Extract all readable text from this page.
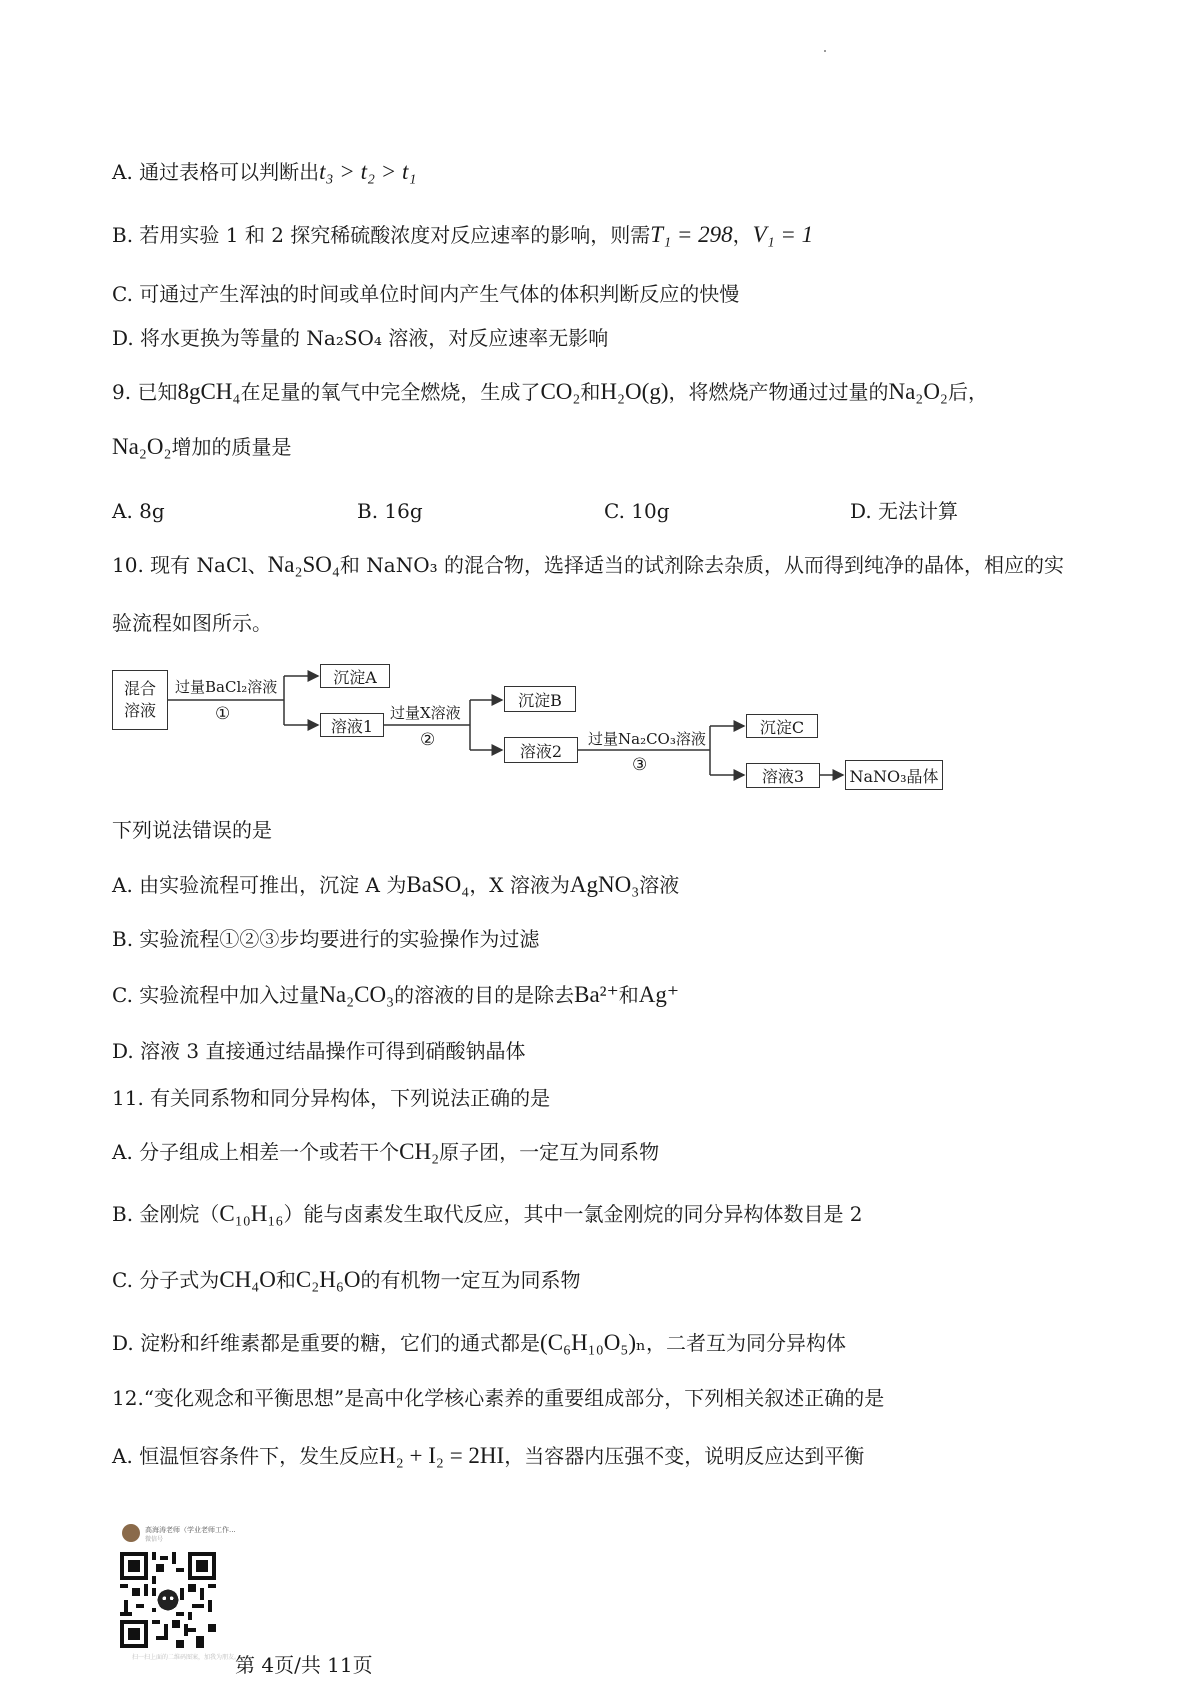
A. 通过表格可以判断出t₃ > t₂ > t₁
B. 若用实验 1 和 2 探究稀硫酸浓度对反应速率的影响，则需T₁ = 298，V₁ = 1
C. 可通过产生浑浊的时间或单位时间内产生气体的体积判断反应的快慢
D. 将水更换为等量的 Na₂SO₄ 溶液，对反应速率无影响
9. 已知8gCH₄在足量的氧气中完全燃烧，生成了CO₂和H₂O(g)，将燃烧产物通过过量的Na₂O₂后，
Na₂O₂增加的质量是
A. 8g	B. 16g	C. 10g	D. 无法计算
10. 现有 NaCl、Na₂SO₄和 NaNO₃ 的混合物，选择适当的试剂除去杂质，从而得到纯净的晶体，相应的实
验流程如图所示。
混合溶液
过量BaCl₂溶液
①
沉淀A
溶液1
过量X溶液
②
沉淀B
溶液2
过量Na₂CO₃溶液
③
沉淀C
溶液3	NaNO₃晶体
下列说法错误的是
A. 由实验流程可推出，沉淀 A 为BaSO₄，X 溶液为AgNO₃溶液
B. 实验流程①②③步均要进行的实验操作为过滤
C. 实验流程中加入过量Na₂CO₃的溶液的目的是除去Ba²⁺和Ag⁺
D. 溶液 3 直接通过结晶操作可得到硝酸钠晶体
11. 有关同系物和同分异构体，下列说法正确的是
A. 分子组成上相差一个或若干个CH₂原子团，一定互为同系物
B. 金刚烷（C₁₀H₁₆）能与卤素发生取代反应，其中一氯金刚烷的同分异构体数目是 2
C. 分子式为CH₄O和C₂H₆O的有机物一定互为同系物
D. 淀粉和纤维素都是重要的糖，它们的通式都是(C₆H₁₀O₅)ₙ，二者互为同分异构体
12.“变化观念和平衡思想”是高中化学核心素养的重要组成部分，下列相关叙述正确的是
A. 恒温恒容条件下，发生反应H₂ + I₂ = 2HI，当容器内压强不变，说明反应达到平衡
高海涛老师（学业老师工作...
微信号
扫一扫上面的二维码图案，加我为朋友。
第 4页/共 11页
